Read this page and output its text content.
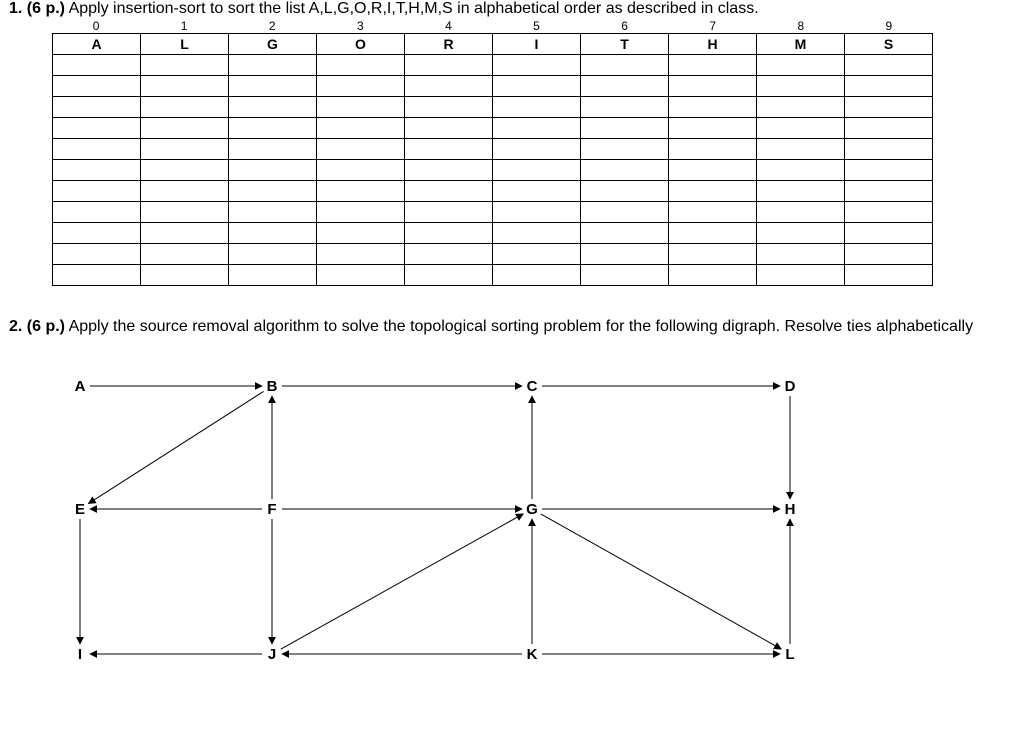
1. (6 p.) Apply insertion-sort to sort the list A,L,G,O,R,I,T,H,M,S in alphabetical order as described in class.
0	1	2	3	4	5	6	7	8	9
A	L	G	O	R	I	T	H	M	S

2. (6 p.) Apply the source removal algorithm to solve the topological sorting problem for the following digraph. Resolve ties alphabetically
A	B	C	D
E	F	G	H
I	J	K	L
